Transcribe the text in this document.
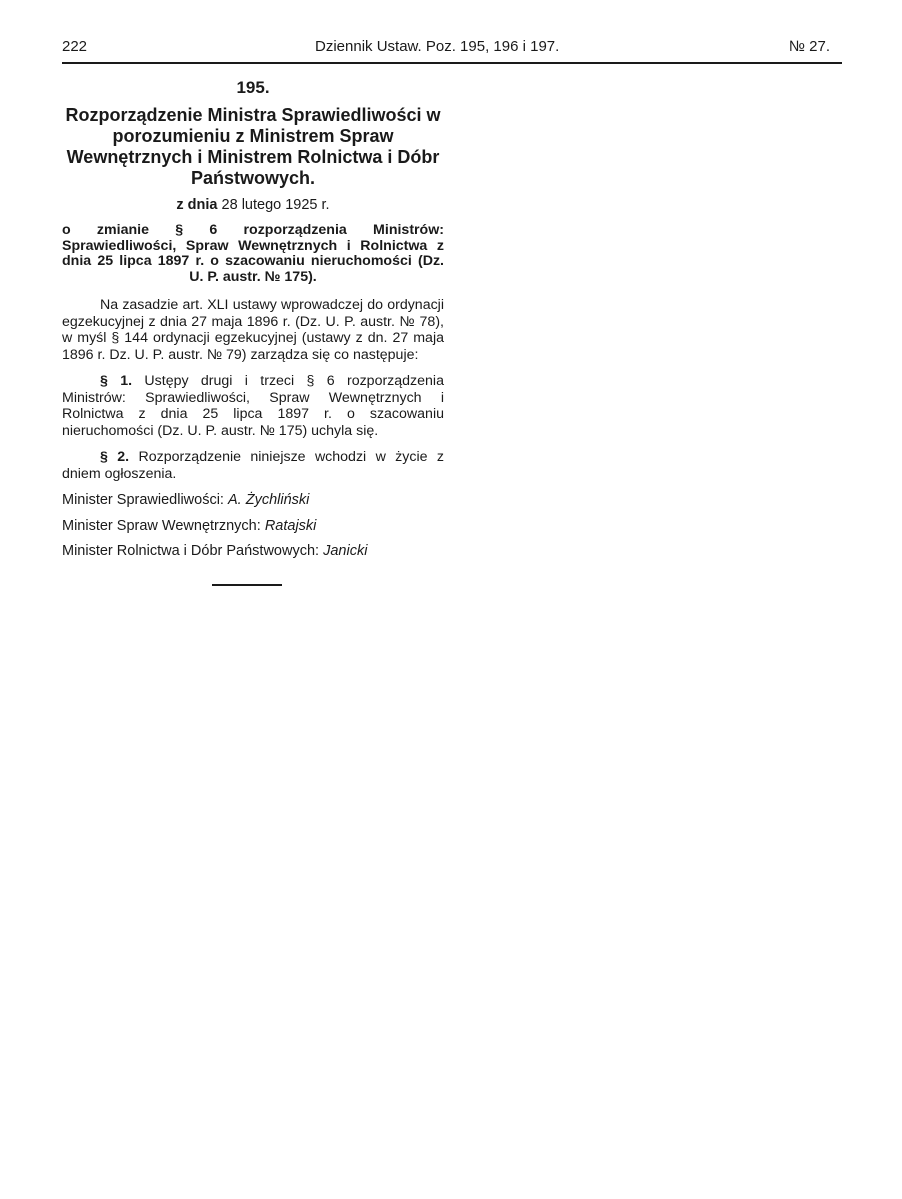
222	Dziennik Ustaw. Poz. 195, 196 i 197.	№ 27.
195.
Rozporządzenie Ministra Sprawiedliwości w porozumieniu z Ministrem Spraw Wewnętrznych i Ministrem Rolnictwa i Dóbr Państwowych.
z dnia 28 lutego 1925 r.
o zmianie § 6 rozporządzenia Ministrów: Sprawiedliwości, Spraw Wewnętrznych i Rolnictwa z dnia 25 lipca 1897 r. o szacowaniu nieruchomości (Dz. U. P. austr. № 175).

Na zasadzie art. XLI ustawy wprowadczej do ordynacji egzekucyjnej z dnia 27 maja 1896 r. (Dz. U. P. austr. № 78), w myśl § 144 ordynacji egzekucyjnej (ustawy z dn. 27 maja 1896 r. Dz. U. P. austr. № 79) zarządza się co następuje:

§ 1. Ustępy drugi i trzeci § 6 rozporządzenia Ministrów: Sprawiedliwości, Spraw Wewnętrznych i Rolnictwa z dnia 25 lipca 1897 r. o szacowaniu nieruchomości (Dz. U. P. austr. № 175) uchyla się.

§ 2. Rozporządzenie niniejsze wchodzi w życie z dniem ogłoszenia.

Minister Sprawiedliwości: A. Żychliński
Minister Spraw Wewnętrznych: Ratajski
Minister Rolnictwa i Dóbr Państwowych: Janicki
